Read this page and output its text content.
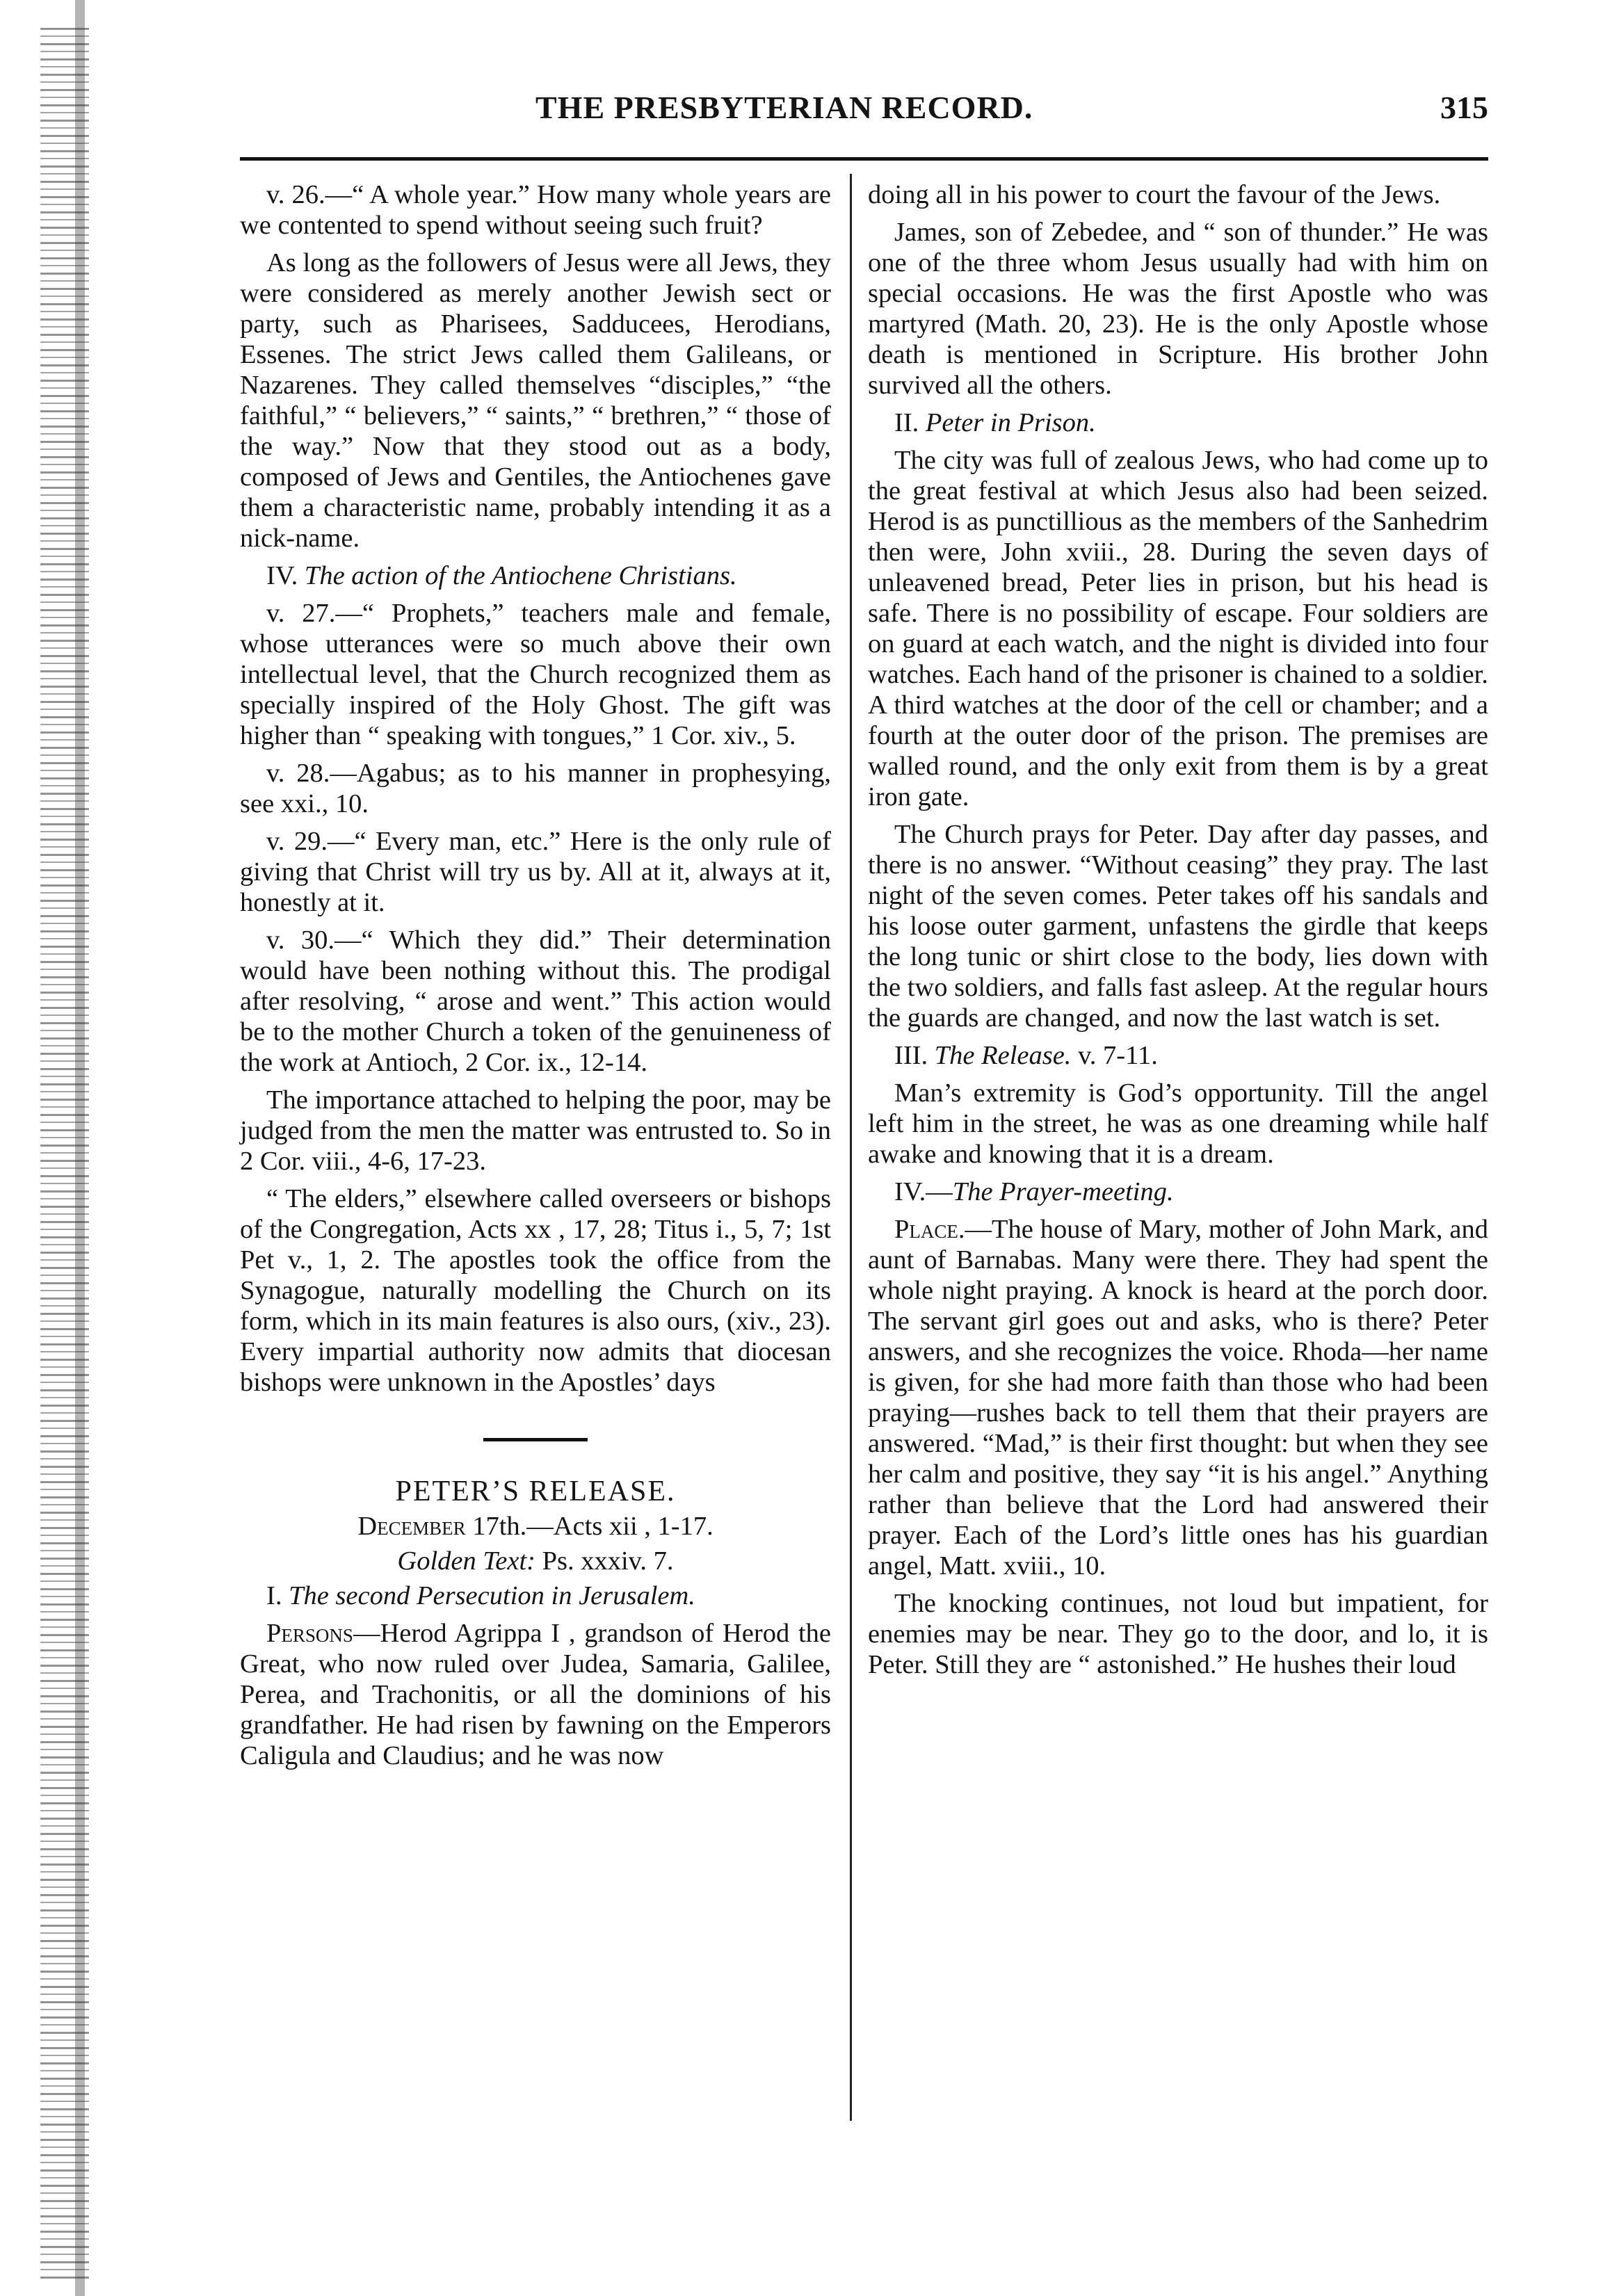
THE PRESBYTERIAN RECORD.	315

v. 26.—“ A whole year.” How many whole years are we contented to spend without seeing such fruit?

As long as the followers of Jesus were all Jews, they were considered as merely another Jewish sect or party, such as Pharisees, Sadducees, Herodians, Essenes. The strict Jews called them Galileans, or Nazarenes. They called themselves “disciples,” “the faithful,” “ believers,” “ saints,” “ brethren,” “ those of the way.” Now that they stood out as a body, composed of Jews and Gentiles, the Antiochenes gave them a characteristic name, probably intending it as a nick-name.

IV. The action of the Antiochene Christians.

v. 27.—“ Prophets,” teachers male and female, whose utterances were so much above their own intellectual level, that the Church recognized them as specially inspired of the Holy Ghost. The gift was higher than “ speaking with tongues,” 1 Cor. xiv., 5.

v. 28.—Agabus; as to his manner in prophesying, see xxi., 10.

v. 29.—“ Every man, etc.” Here is the only rule of giving that Christ will try us by. All at it, always at it, honestly at it.

v. 30.—“ Which they did.” Their determination would have been nothing without this. The prodigal after resolving, “ arose and went.” This action would be to the mother Church a token of the genuineness of the work at Antioch, 2 Cor. ix., 12-14.

The importance attached to helping the poor, may be judged from the men the matter was entrusted to. So in 2 Cor. viii., 4-6, 17-23.

“ The elders,” elsewhere called overseers or bishops of the Congregation, Acts xx , 17, 28; Titus i., 5, 7; 1st Pet v., 1, 2. The apostles took the office from the Synagogue, naturally modelling the Church on its form, which in its main features is also ours, (xiv., 23). Every impartial authority now admits that diocesan bishops were unknown in the Apostles’ days

PETER’S RELEASE.

December 17th.—Acts xii , 1-17.

Golden Text: Ps. xxxiv. 7.

I. The second Persecution in Jerusalem.

Persons—Herod Agrippa I , grandson of Herod the Great, who now ruled over Judea, Samaria, Galilee, Perea, and Trachonitis, or all the dominions of his grandfather. He had risen by fawning on the Emperors Caligula and Claudius; and he was now

doing all in his power to court the favour of the Jews.

James, son of Zebedee, and “ son of thunder.” He was one of the three whom Jesus usually had with him on special occasions. He was the first Apostle who was martyred (Math. 20, 23). He is the only Apostle whose death is mentioned in Scripture. His brother John survived all the others.

II. Peter in Prison.

The city was full of zealous Jews, who had come up to the great festival at which Jesus also had been seized. Herod is as punctillious as the members of the Sanhedrim then were, John xviii., 28. During the seven days of unleavened bread, Peter lies in prison, but his head is safe. There is no possibility of escape. Four soldiers are on guard at each watch, and the night is divided into four watches. Each hand of the prisoner is chained to a soldier. A third watches at the door of the cell or chamber; and a fourth at the outer door of the prison. The premises are walled round, and the only exit from them is by a great iron gate.

The Church prays for Peter. Day after day passes, and there is no answer. “Without ceasing” they pray. The last night of the seven comes. Peter takes off his sandals and his loose outer garment, unfastens the girdle that keeps the long tunic or shirt close to the body, lies down with the two soldiers, and falls fast asleep. At the regular hours the guards are changed, and now the last watch is set.

III. The Release. v. 7-11.

Man’s extremity is God’s opportunity. Till the angel left him in the street, he was as one dreaming while half awake and knowing that it is a dream.

IV.—The Prayer-meeting.

Place.—The house of Mary, mother of John Mark, and aunt of Barnabas. Many were there. They had spent the whole night praying. A knock is heard at the porch door. The servant girl goes out and asks, who is there? Peter answers, and she recognizes the voice. Rhoda—her name is given, for she had more faith than those who had been praying—rushes back to tell them that their prayers are answered. “Mad,” is their first thought: but when they see her calm and positive, they say “it is his angel.” Anything rather than believe that the Lord had answered their prayer. Each of the Lord’s little ones has his guardian angel, Matt. xviii., 10.

The knocking continues, not loud but impatient, for enemies may be near. They go to the door, and lo, it is Peter. Still they are “ astonished.” He hushes their loud
